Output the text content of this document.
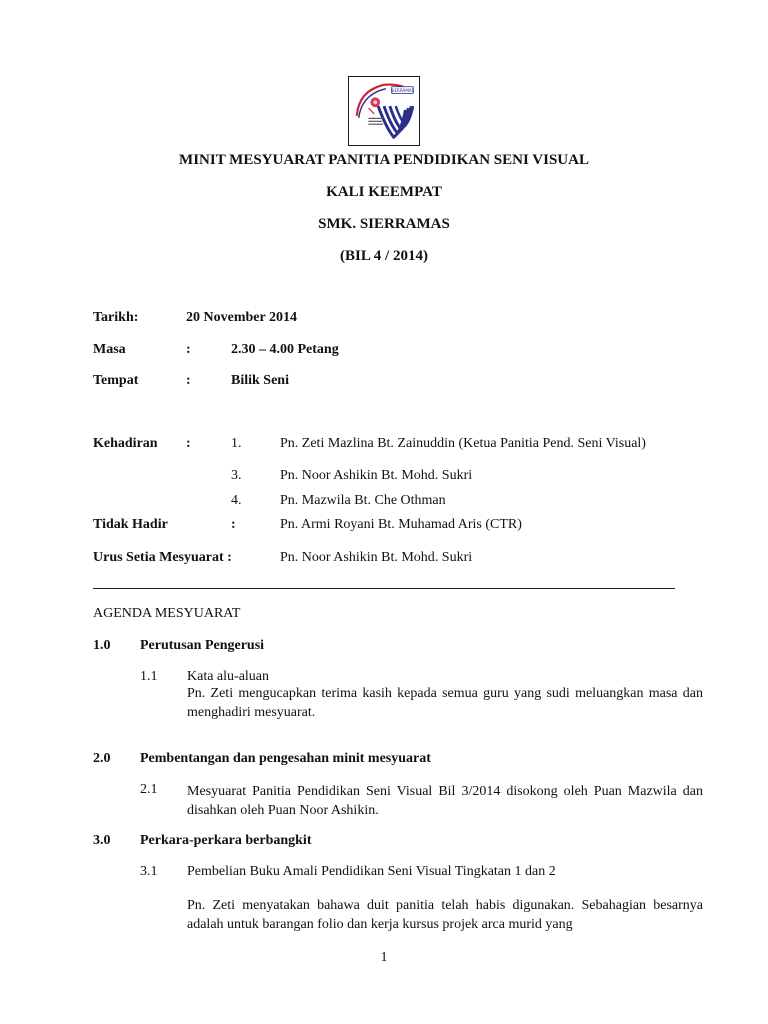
SIERRAMAS
MINIT MESYUARAT PANITIA PENDIDIKAN SENI VISUAL
KALI KEEMPAT
SMK. SIERRAMAS
(BIL 4 / 2014)
Tarikh:	20 November 2014
Masa	:	2.30 – 4.00 Petang
Tempat	:	Bilik Seni
Kehadiran :	1.	Pn. Zeti Mazlina Bt. Zainuddin (Ketua Panitia Pend. Seni Visual)
3.	Pn. Noor Ashikin Bt. Mohd. Sukri
4.	Pn. Mazwila Bt. Che Othman
Tidak Hadir	:	Pn. Armi Royani Bt. Muhamad Aris (CTR)
Urus Setia Mesyuarat :	Pn. Noor Ashikin Bt. Mohd. Sukri
AGENDA MESYUARAT
1.0 Perutusan Pengerusi
1.1 Kata alu-aluan
Pn. Zeti mengucapkan terima kasih kepada semua guru yang sudi meluangkan masa dan menghadiri mesyuarat.
2.0 Pembentangan dan pengesahan minit mesyuarat
2.1 Mesyuarat Panitia Pendidikan Seni Visual Bil 3/2014 disokong oleh Puan Mazwila dan disahkan oleh Puan Noor Ashikin.
3.0 Perkara-perkara berbangkit
3.1 Pembelian Buku Amali Pendidikan Seni Visual Tingkatan 1 dan 2
Pn. Zeti menyatakan bahawa duit panitia telah habis digunakan. Sebahagian besarnya adalah untuk barangan folio dan kerja kursus projek arca murid yang
1
